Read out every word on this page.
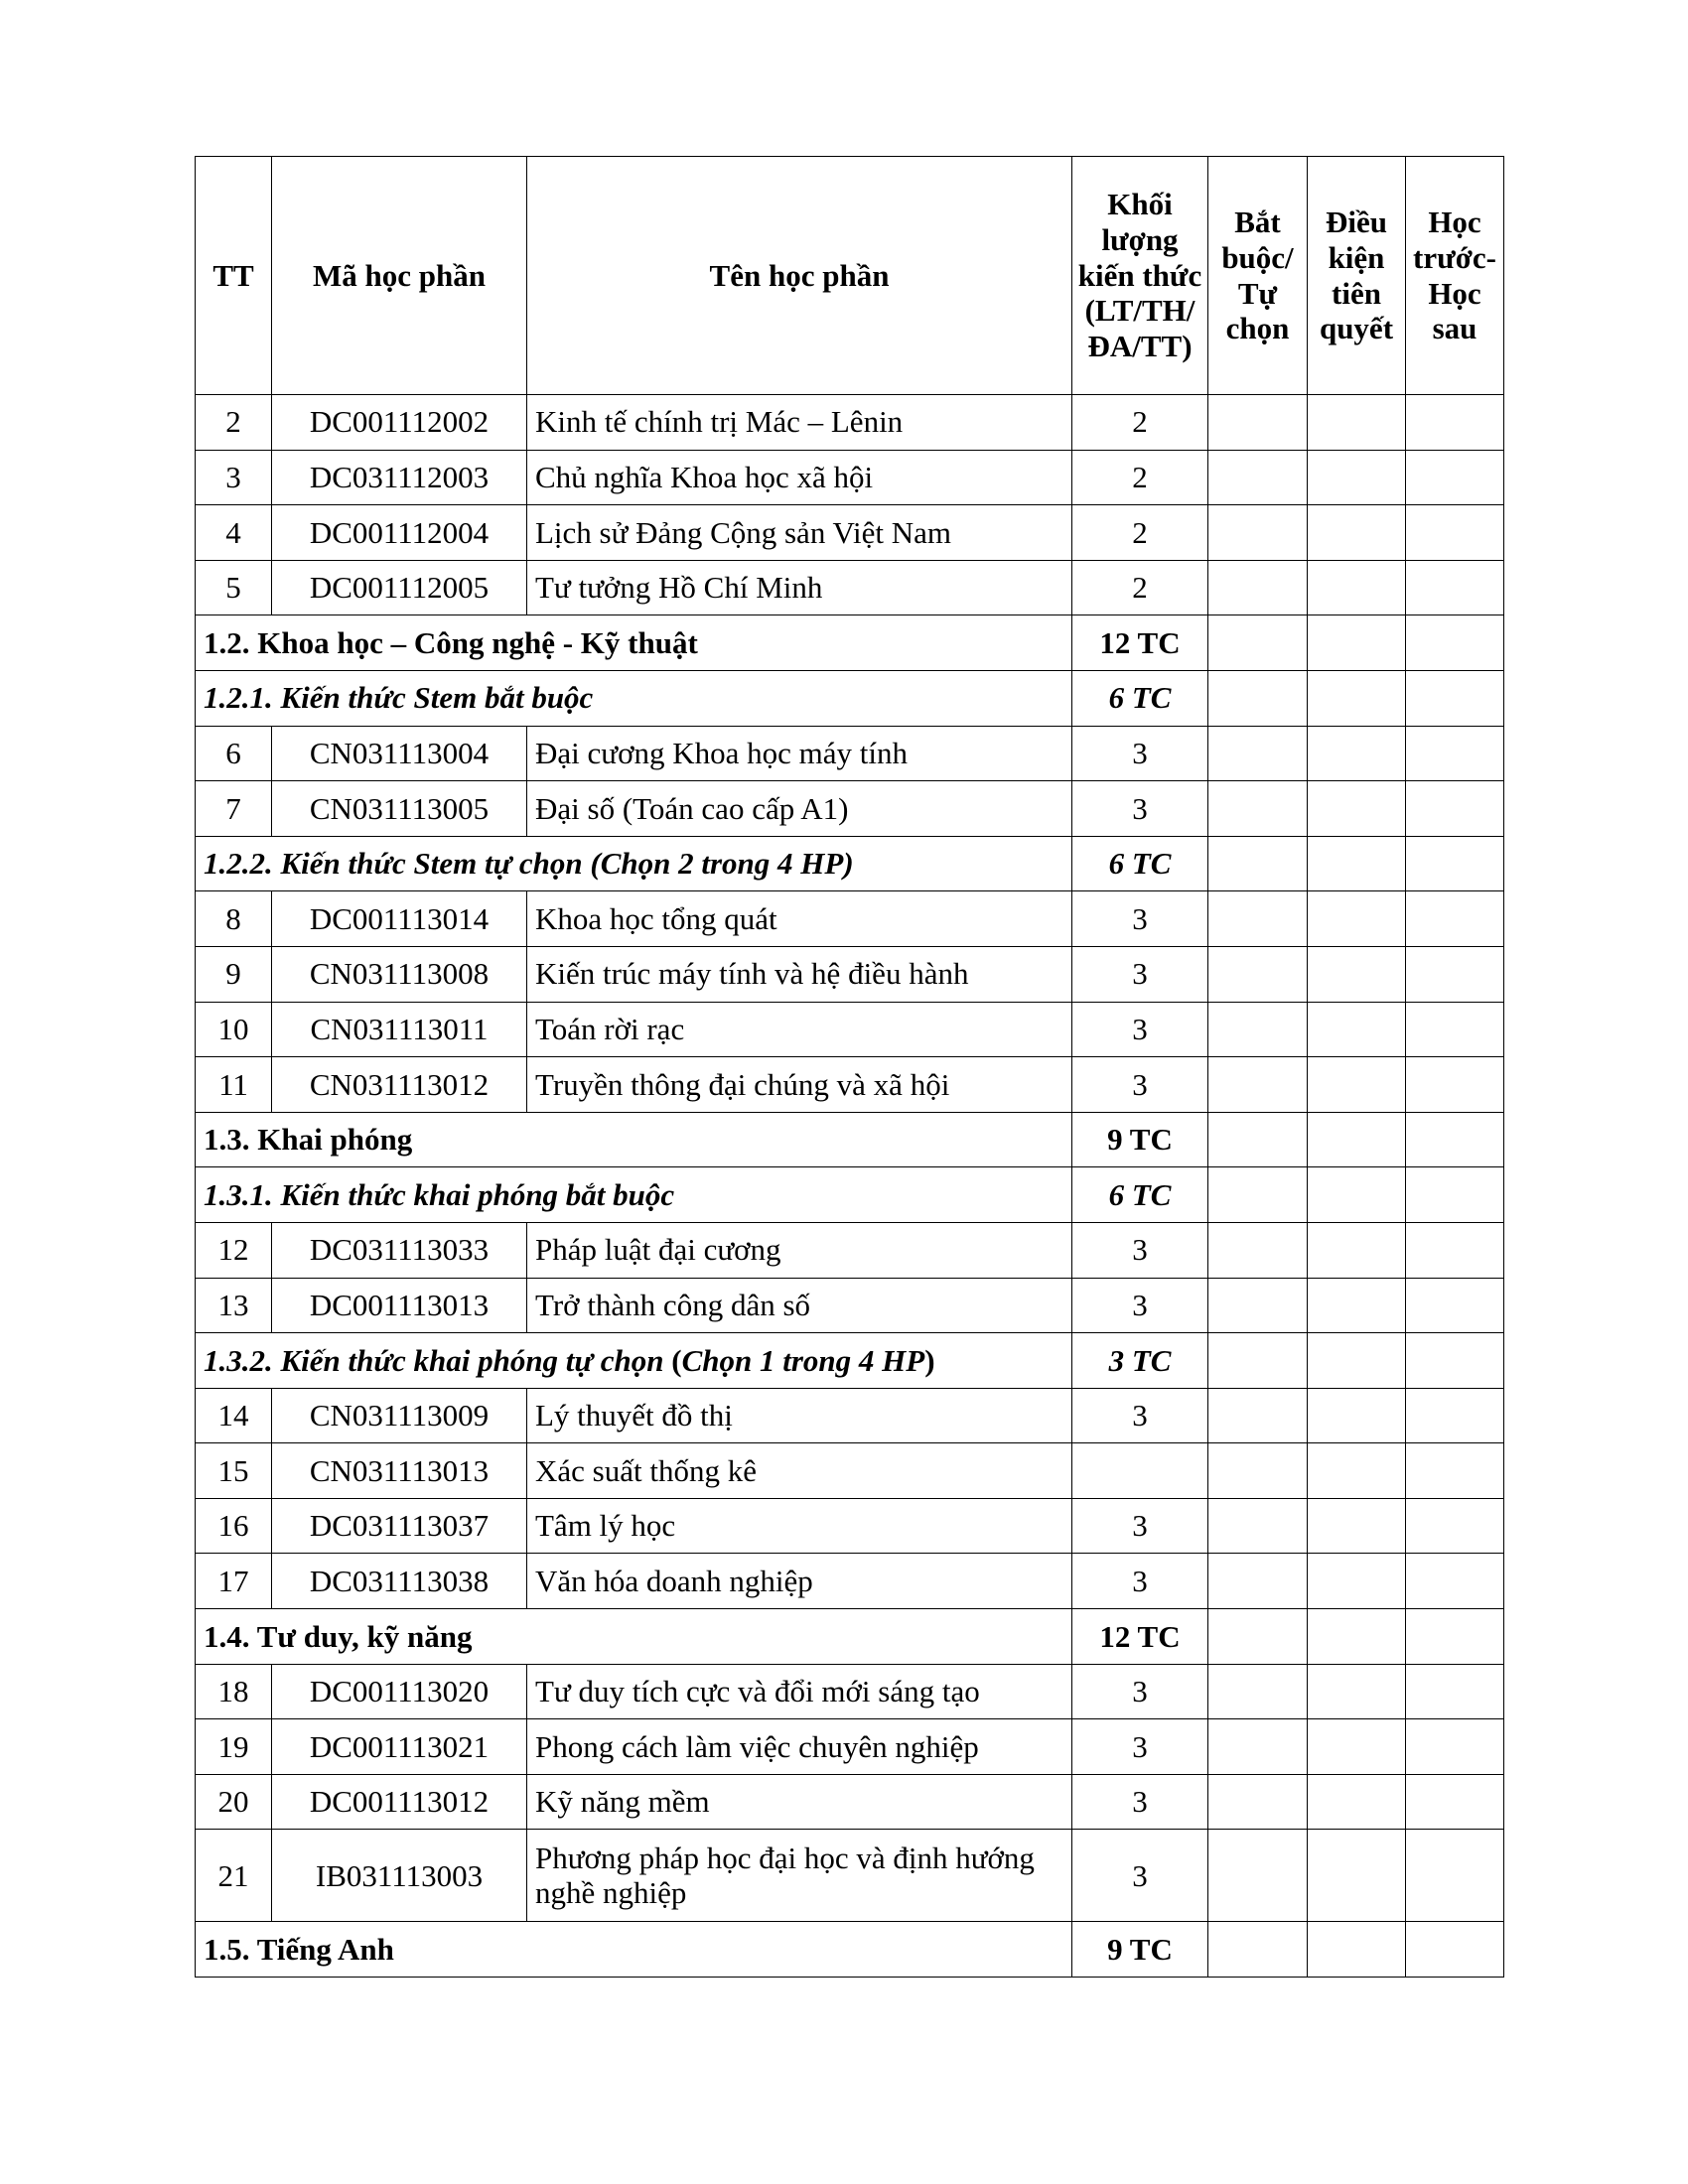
TT	Mã học phần	Tên học phần	Khối lượng kiến thức (LT/TH/ ĐA/TT)	Bắt buộc/ Tự chọn	Điều kiện tiên quyết	Học trước- Học sau
2	DC001112002	Kinh tế chính trị Mác – Lênin	2			
3	DC031112003	Chủ nghĩa Khoa học xã hội	2			
4	DC001112004	Lịch sử Đảng Cộng sản Việt Nam	2			
5	DC001112005	Tư tưởng Hồ Chí Minh	2			
1.2. Khoa học – Công nghệ - Kỹ thuật			12 TC			
1.2.1. Kiến thức Stem bắt buộc			6 TC			
6	CN031113004	Đại cương Khoa học máy tính	3			
7	CN031113005	Đại số (Toán cao cấp A1)	3			
1.2.2. Kiến thức Stem tự chọn (Chọn 2 trong 4 HP)			6 TC			
8	DC001113014	Khoa học tổng quát	3			
9	CN031113008	Kiến trúc máy tính và hệ điều hành	3			
10	CN031113011	Toán rời rạc	3			
11	CN031113012	Truyền thông đại chúng và xã hội	3			
1.3. Khai phóng			9 TC			
1.3.1. Kiến thức khai phóng bắt buộc			6 TC			
12	DC031113033	Pháp luật đại cương	3			
13	DC001113013	Trở thành công dân số	3			
1.3.2. Kiến thức khai phóng tự chọn (Chọn 1 trong 4 HP)			3 TC			
14	CN031113009	Lý thuyết đồ thị	3			
15	CN031113013	Xác suất thống kê				
16	DC031113037	Tâm lý học	3			
17	DC031113038	Văn hóa doanh nghiệp	3			
1.4. Tư duy, kỹ năng			12 TC			
18	DC001113020	Tư duy tích cực và đổi mới sáng tạo	3			
19	DC001113021	Phong cách làm việc chuyên nghiệp	3			
20	DC001113012	Kỹ năng mềm	3			
21	IB031113003	Phương pháp học đại học và định hướng nghề nghiệp	3			
1.5. Tiếng Anh			9 TC			
